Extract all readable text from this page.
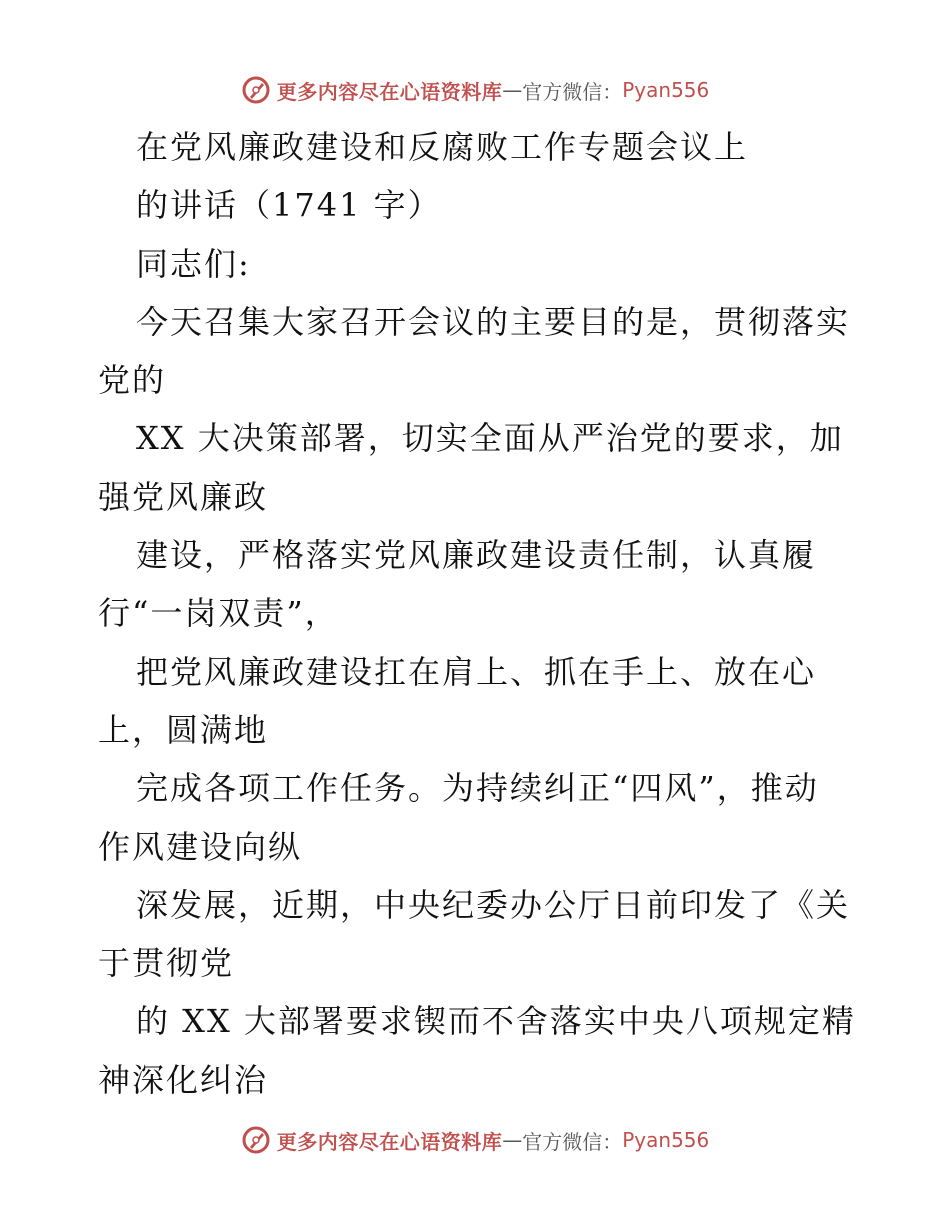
更多内容尽在心语资料库 — 官方微信： Pyan556
在党风廉政建设和反腐败工作专题会议上
的讲话（1741 字）
同志们:
今天召集大家召开会议的主要目的是，贯彻落实
党的
XX 大决策部署，切实全面从严治党的要求，加
强党风廉政
建设，严格落实党风廉政建设责任制，认真履
行“一岗双责”，
把党风廉政建设扛在肩上、抓在手上、放在心
上，圆满地
完成各项工作任务。为持续纠正“四风”，推动
作风建设向纵
深发展，近期，中央纪委办公厅日前印发了《关
于贯彻党
的 XX 大部署要求锲而不舍落实中央八项规定精
神深化纠治
更多内容尽在心语资料库 — 官方微信： Pyan556
